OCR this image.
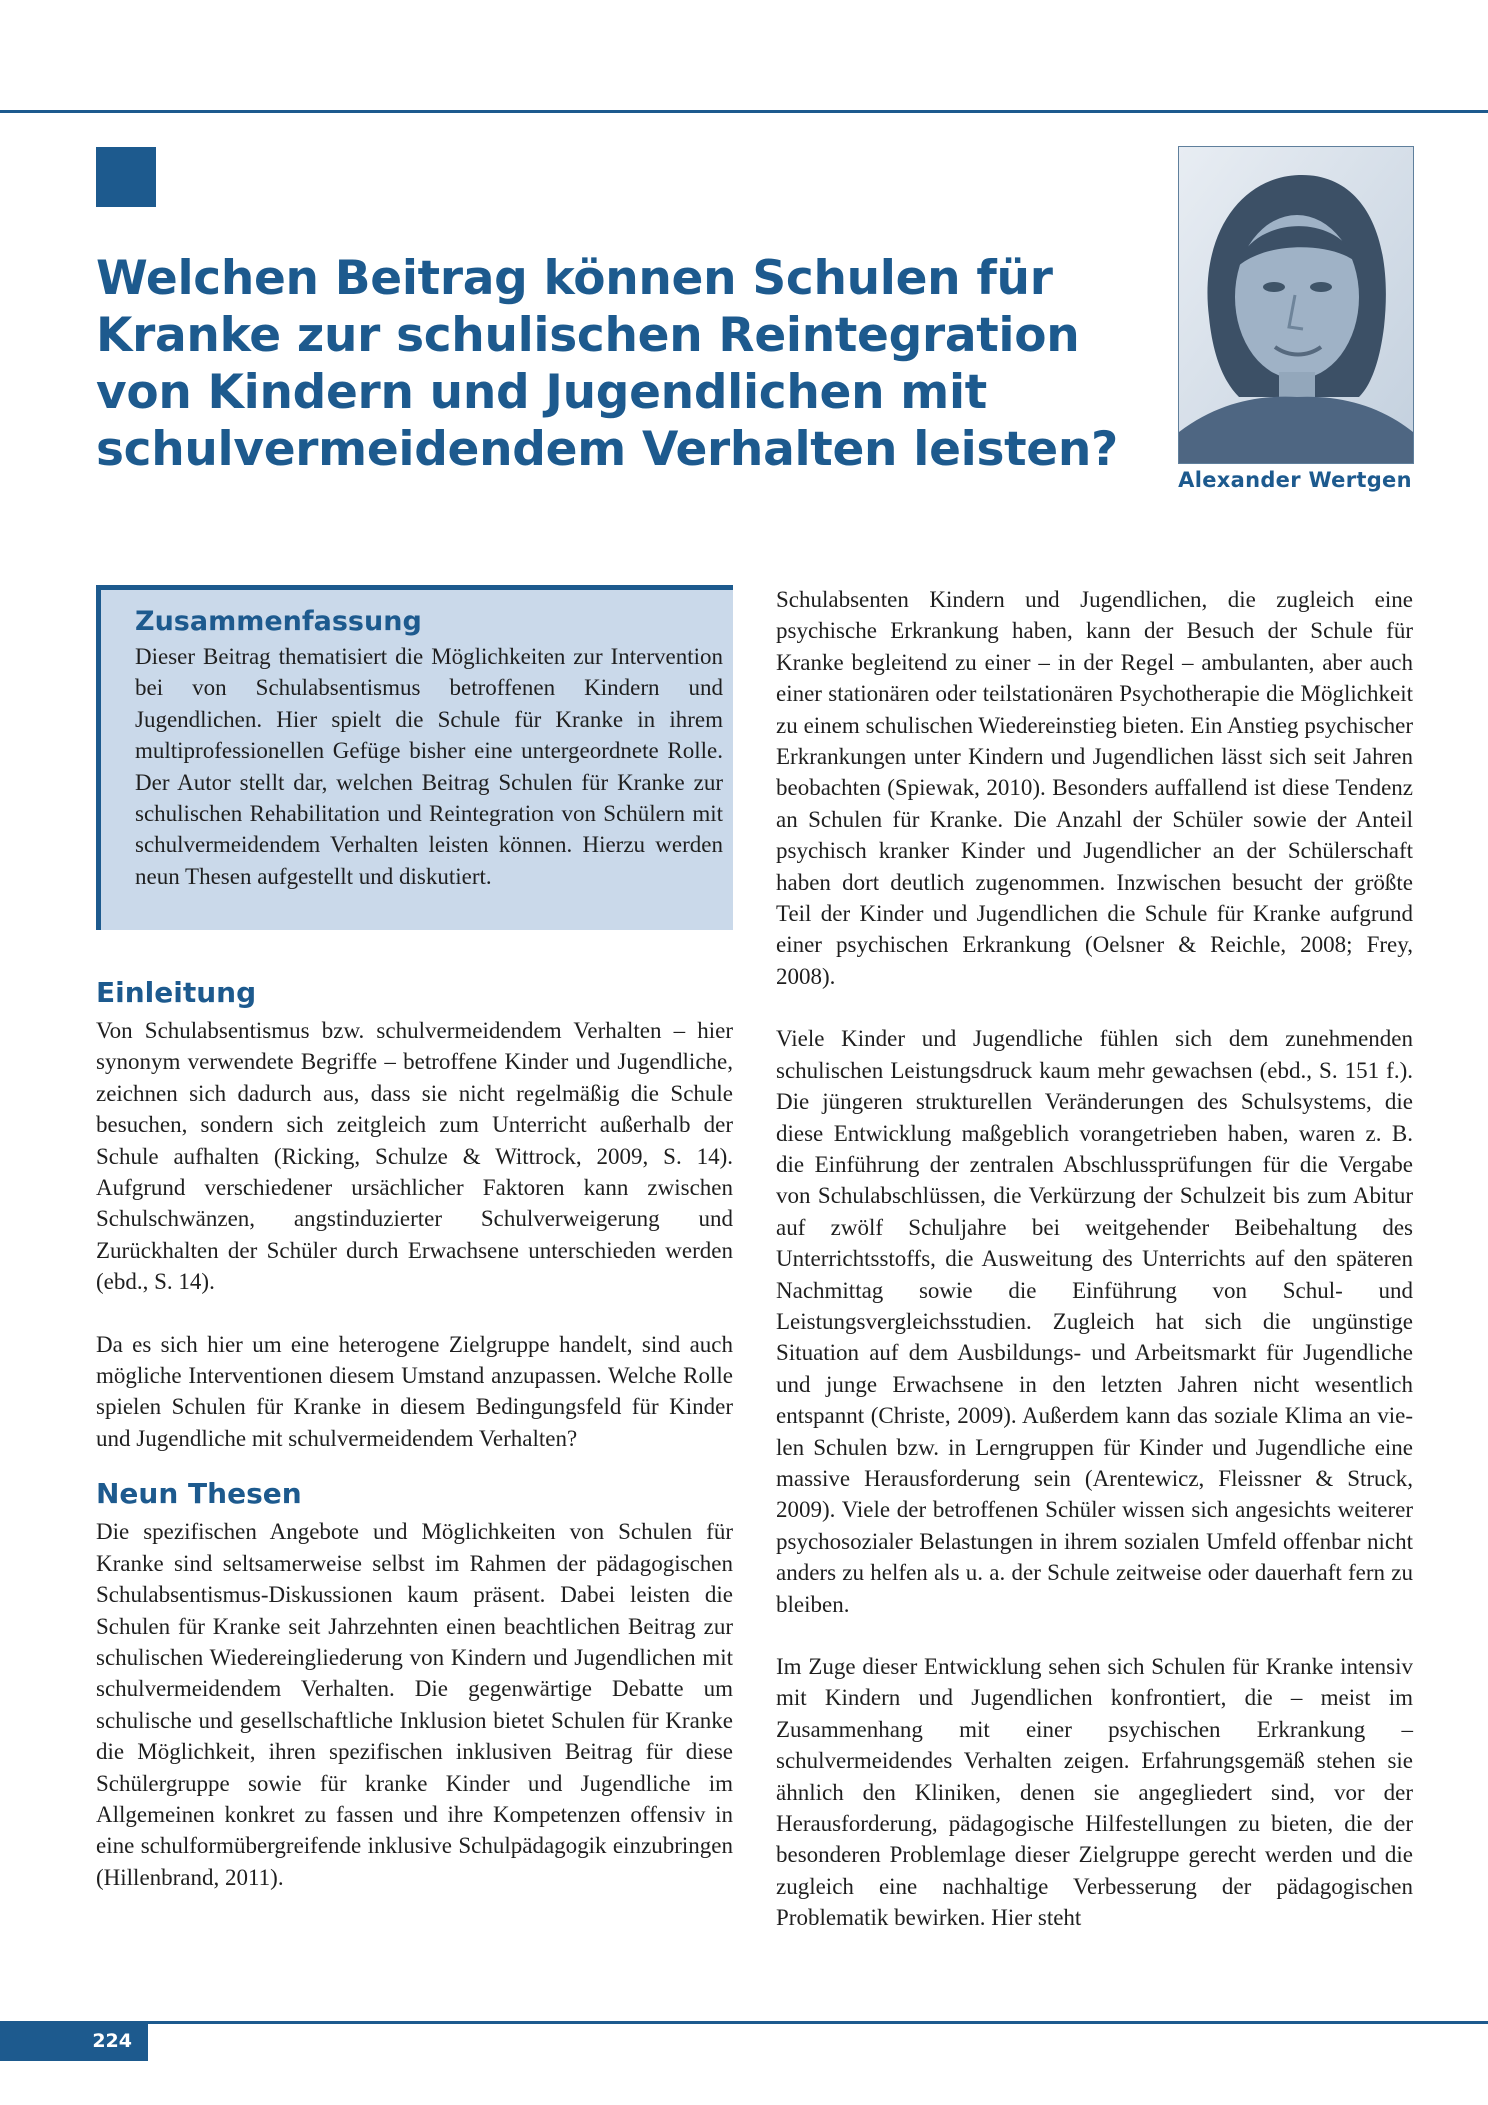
Welchen Beitrag können Schulen für
Kranke zur schulischen Reintegration
von Kindern und Jugendlichen mit
schulvermeidendem Verhalten leisten?
Alexander Wertgen
Zusammenfassung

Dieser Beitrag thematisiert die Möglichkeiten zur Intervention bei von Schulabsentismus betroffenen Kindern und Jugendlichen. Hier spielt die Schule für Kranke in ihrem multiprofessionellen Gefüge bisher eine untergeordnete Rolle. Der Autor stellt dar, welchen Beitrag Schulen für Kranke zur schulischen Rehabilitation und Reintegration von Schülern mit schulvermeidendem Verhalten leisten können. Hierzu werden neun Thesen aufgestellt und diskutiert.

Einleitung

Von Schulabsentismus bzw. schulvermeidendem Verhalten – hier synonym verwendete Begriffe – betroffene Kinder und Jugendliche, zeichnen sich dadurch aus, dass sie nicht regelmäßig die Schule besuchen, sondern sich zeitgleich zum Unterricht außerhalb der Schule aufhalten (Ricking, Schulze & Wittrock, 2009, S. 14). Aufgrund verschiedener ursächlicher Faktoren kann zwischen Schulschwänzen, angstinduzierter Schulverweigerung und Zurückhalten der Schüler durch Erwachsene unterschieden werden (ebd., S. 14).

Da es sich hier um eine heterogene Zielgruppe handelt, sind auch mögliche Interventionen diesem Umstand anzupassen. Welche Rolle spielen Schulen für Kranke in diesem Bedingungsfeld für Kinder und Jugendliche mit schulvermeidendem Verhalten?

Neun Thesen

Die spezifischen Angebote und Möglichkeiten von Schulen für Kranke sind seltsamerweise selbst im Rahmen der pädagogischen Schulabsentismus-Diskussionen kaum präsent. Dabei leisten die Schulen für Kranke seit Jahrzehnten einen beachtlichen Beitrag zur schulischen Wiedereingliederung von Kindern und Jugendlichen mit schulvermeidendem Verhalten. Die gegenwärtige Debatte um schulische und gesellschaftliche Inklusion bietet Schulen für Kranke die Möglichkeit, ihren spezifischen inklusiven Beitrag für diese Schülergruppe sowie für kranke Kinder und Jugendliche im Allgemeinen konkret zu fassen und ihre Kompetenzen offensiv in eine schulformübergreifende inklusive Schulpädagogik einzubringen (Hillenbrand, 2011).

Schulabsenten Kindern und Jugendlichen, die zugleich eine psychische Erkrankung haben, kann der Besuch der Schule für Kranke begleitend zu einer – in der Regel – ambulanten, aber auch einer stationären oder teilstationären Psychotherapie die Möglichkeit zu einem schulischen Wiedereinstieg bieten. Ein Anstieg psychischer Erkrankungen unter Kindern und Jugendlichen lässt sich seit Jahren beobachten (Spiewak, 2010). Besonders auffallend ist diese Tendenz an Schulen für Kranke. Die Anzahl der Schüler sowie der Anteil psychisch kranker Kinder und Jugendlicher an der Schülerschaft haben dort deutlich zugenommen. Inzwischen besucht der größte Teil der Kinder und Jugendlichen die Schule für Kranke aufgrund einer psychischen Erkrankung (Oelsner & Reichle, 2008; Frey, 2008).

Viele Kinder und Jugendliche fühlen sich dem zunehmenden schulischen Leistungsdruck kaum mehr gewachsen (ebd., S. 151 f.). Die jüngeren strukturellen Veränderungen des Schulsystems, die diese Entwicklung maßgeblich vorangetrieben haben, waren z. B. die Einführung der zentralen Abschlussprüfungen für die Vergabe von Schulabschlüssen, die Verkürzung der Schulzeit bis zum Abitur auf zwölf Schuljahre bei weitgehender Beibehaltung des Unterrichtsstoffs, die Ausweitung des Unterrichts auf den späteren Nachmittag sowie die Einführung von Schul- und Leistungsvergleichsstudien. Zugleich hat sich die ungünstige Situation auf dem Ausbildungs- und Arbeitsmarkt für Jugendliche und junge Erwachsene in den letzten Jahren nicht wesentlich entspannt (Christe, 2009). Außerdem kann das soziale Klima an vielen Schulen bzw. in Lerngruppen für Kinder und Jugendliche eine massive Herausforderung sein (Arentewicz, Fleissner & Struck, 2009). Viele der betroffenen Schüler wissen sich angesichts weiterer psychosozialer Belastungen in ihrem sozialen Umfeld offenbar nicht anders zu helfen als u. a. der Schule zeitweise oder dauerhaft fern zu bleiben.

Im Zuge dieser Entwicklung sehen sich Schulen für Kranke intensiv mit Kindern und Jugendlichen konfrontiert, die – meist im Zusammenhang mit einer psychischen Erkrankung – schulvermeidendes Verhalten zeigen. Erfahrungsgemäß stehen sie ähnlich den Kliniken, denen sie angegliedert sind, vor der Herausforderung, pädagogische Hilfestellungen zu bieten, die der besonderen Problemlage dieser Zielgruppe gerecht werden und die zugleich eine nachhaltige Verbesserung der pädagogischen Problematik bewirken. Hier steht

224
